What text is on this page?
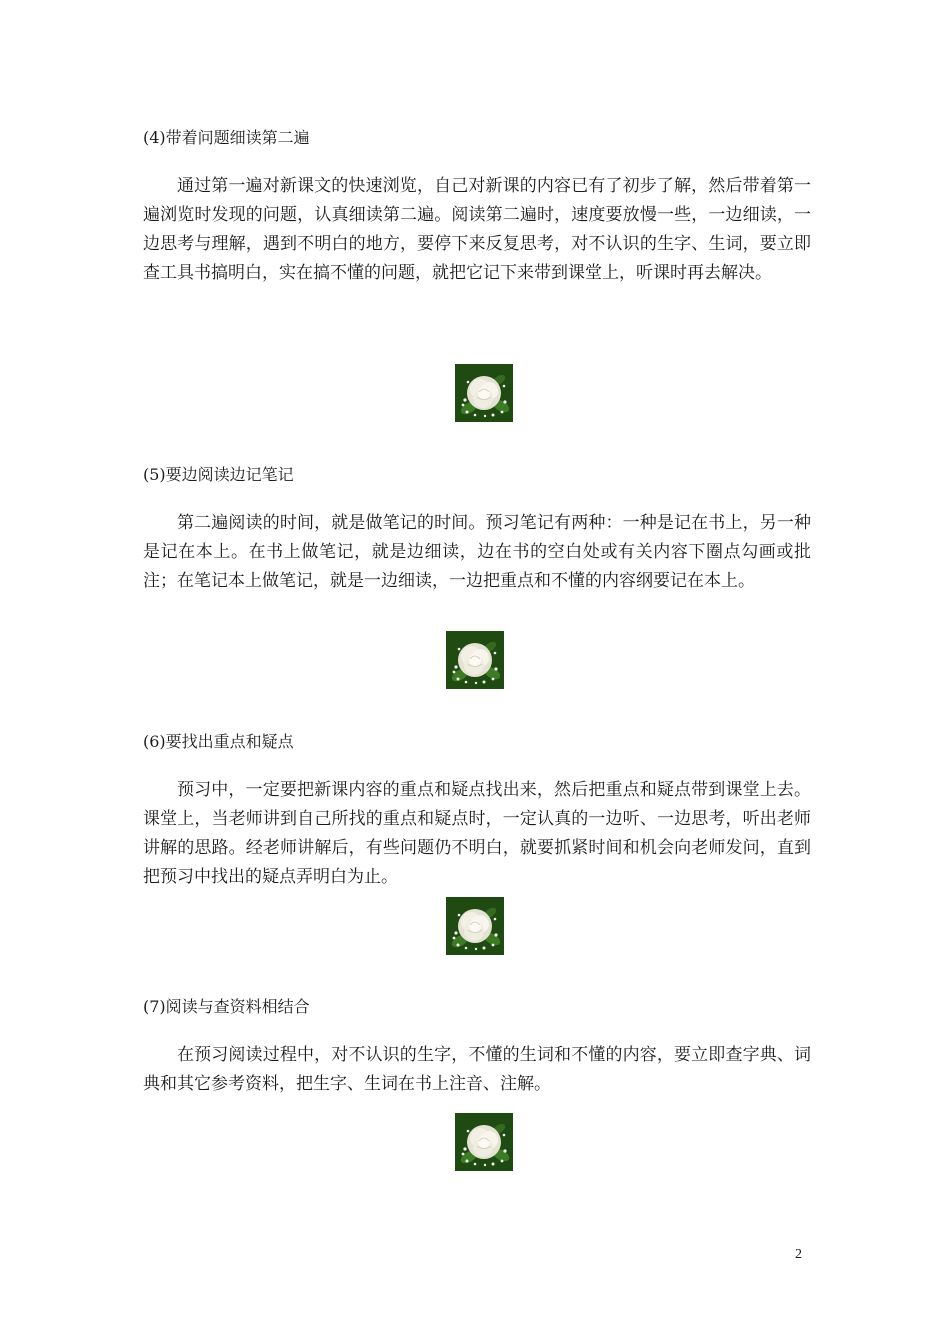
(4)带着问题细读第二遍
通过第一遍对新课文的快速浏览，自己对新课的内容已有了初步了解，然后带着第一遍浏览时发现的问题，认真细读第二遍。阅读第二遍时，速度要放慢一些，一边细读，一边思考与理解，遇到不明白的地方，要停下来反复思考，对不认识的生字、生词，要立即查工具书搞明白，实在搞不懂的问题，就把它记下来带到课堂上，听课时再去解决。
(5)要边阅读边记笔记
第二遍阅读的时间，就是做笔记的时间。预习笔记有两种：一种是记在书上，另一种是记在本上。在书上做笔记，就是边细读，边在书的空白处或有关内容下圈点勾画或批注；在笔记本上做笔记，就是一边细读，一边把重点和不懂的内容纲要记在本上。
(6)要找出重点和疑点
预习中，一定要把新课内容的重点和疑点找出来，然后把重点和疑点带到课堂上去。课堂上，当老师讲到自己所找的重点和疑点时，一定认真的一边听、一边思考，听出老师讲解的思路。经老师讲解后，有些问题仍不明白，就要抓紧时间和机会向老师发问，直到把预习中找出的疑点弄明白为止。
(7)阅读与查资料相结合
在预习阅读过程中，对不认识的生字，不懂的生词和不懂的内容，要立即查字典、词典和其它参考资料，把生字、生词在书上注音、注解。
2
